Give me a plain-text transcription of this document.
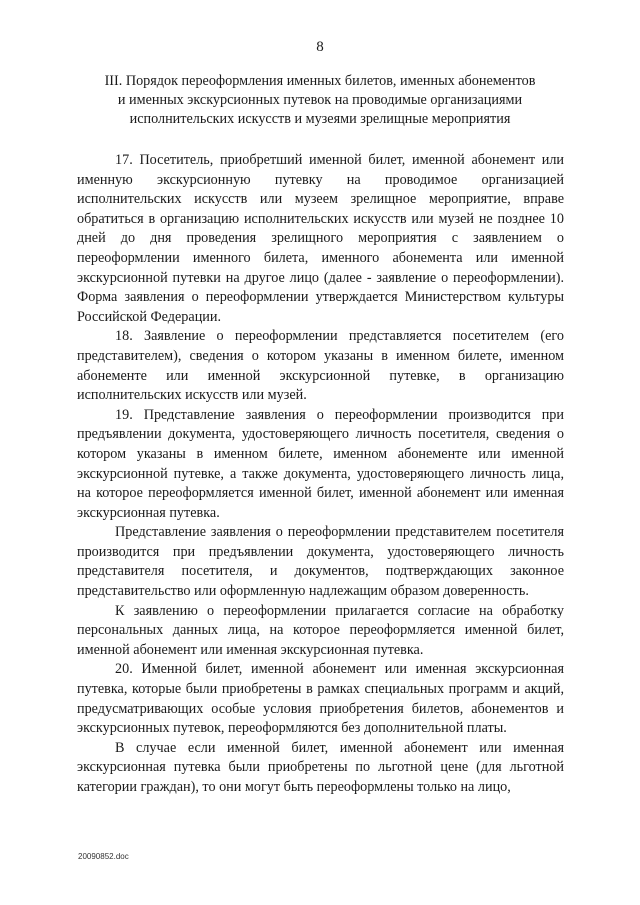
8
III. Порядок переоформления именных билетов, именных абонементов
и именных экскурсионных путевок на проводимые организациями
исполнительских искусств и музеями зрелищные мероприятия

17. Посетитель, приобретший именной билет, именной абонемент или именную экскурсионную путевку на проводимое организацией исполнительских искусств или музеем зрелищное мероприятие, вправе обратиться в организацию исполнительских искусств или музей не позднее 10 дней до дня проведения зрелищного мероприятия с заявлением о переоформлении именного билета, именного абонемента или именной экскурсионной путевки на другое лицо (далее - заявление о переоформлении). Форма заявления о переоформлении утверждается Министерством культуры Российской Федерации.

18. Заявление о переоформлении представляется посетителем (его представителем), сведения о котором указаны в именном билете, именном абонементе или именной экскурсионной путевке, в организацию исполнительских искусств или музей.

19. Представление заявления о переоформлении производится при предъявлении документа, удостоверяющего личность посетителя, сведения о котором указаны в именном билете, именном абонементе или именной экскурсионной путевке, а также документа, удостоверяющего личность лица, на которое переоформляется именной билет, именной абонемент или именная экскурсионная путевка.

Представление заявления о переоформлении представителем посетителя производится при предъявлении документа, удостоверяющего личность представителя посетителя, и документов, подтверждающих законное представительство или оформленную надлежащим образом доверенность.

К заявлению о переоформлении прилагается согласие на обработку персональных данных лица, на которое переоформляется именной билет, именной абонемент или именная экскурсионная путевка.

20. Именной билет, именной абонемент или именная экскурсионная путевка, которые были приобретены в рамках специальных программ и акций, предусматривающих особые условия приобретения билетов, абонементов и экскурсионных путевок, переоформляются без дополнительной платы.

В случае если именной билет, именной абонемент или именная экскурсионная путевка были приобретены по льготной цене (для льготной категории граждан), то они могут быть переоформлены только на лицо,

20090852.doc
